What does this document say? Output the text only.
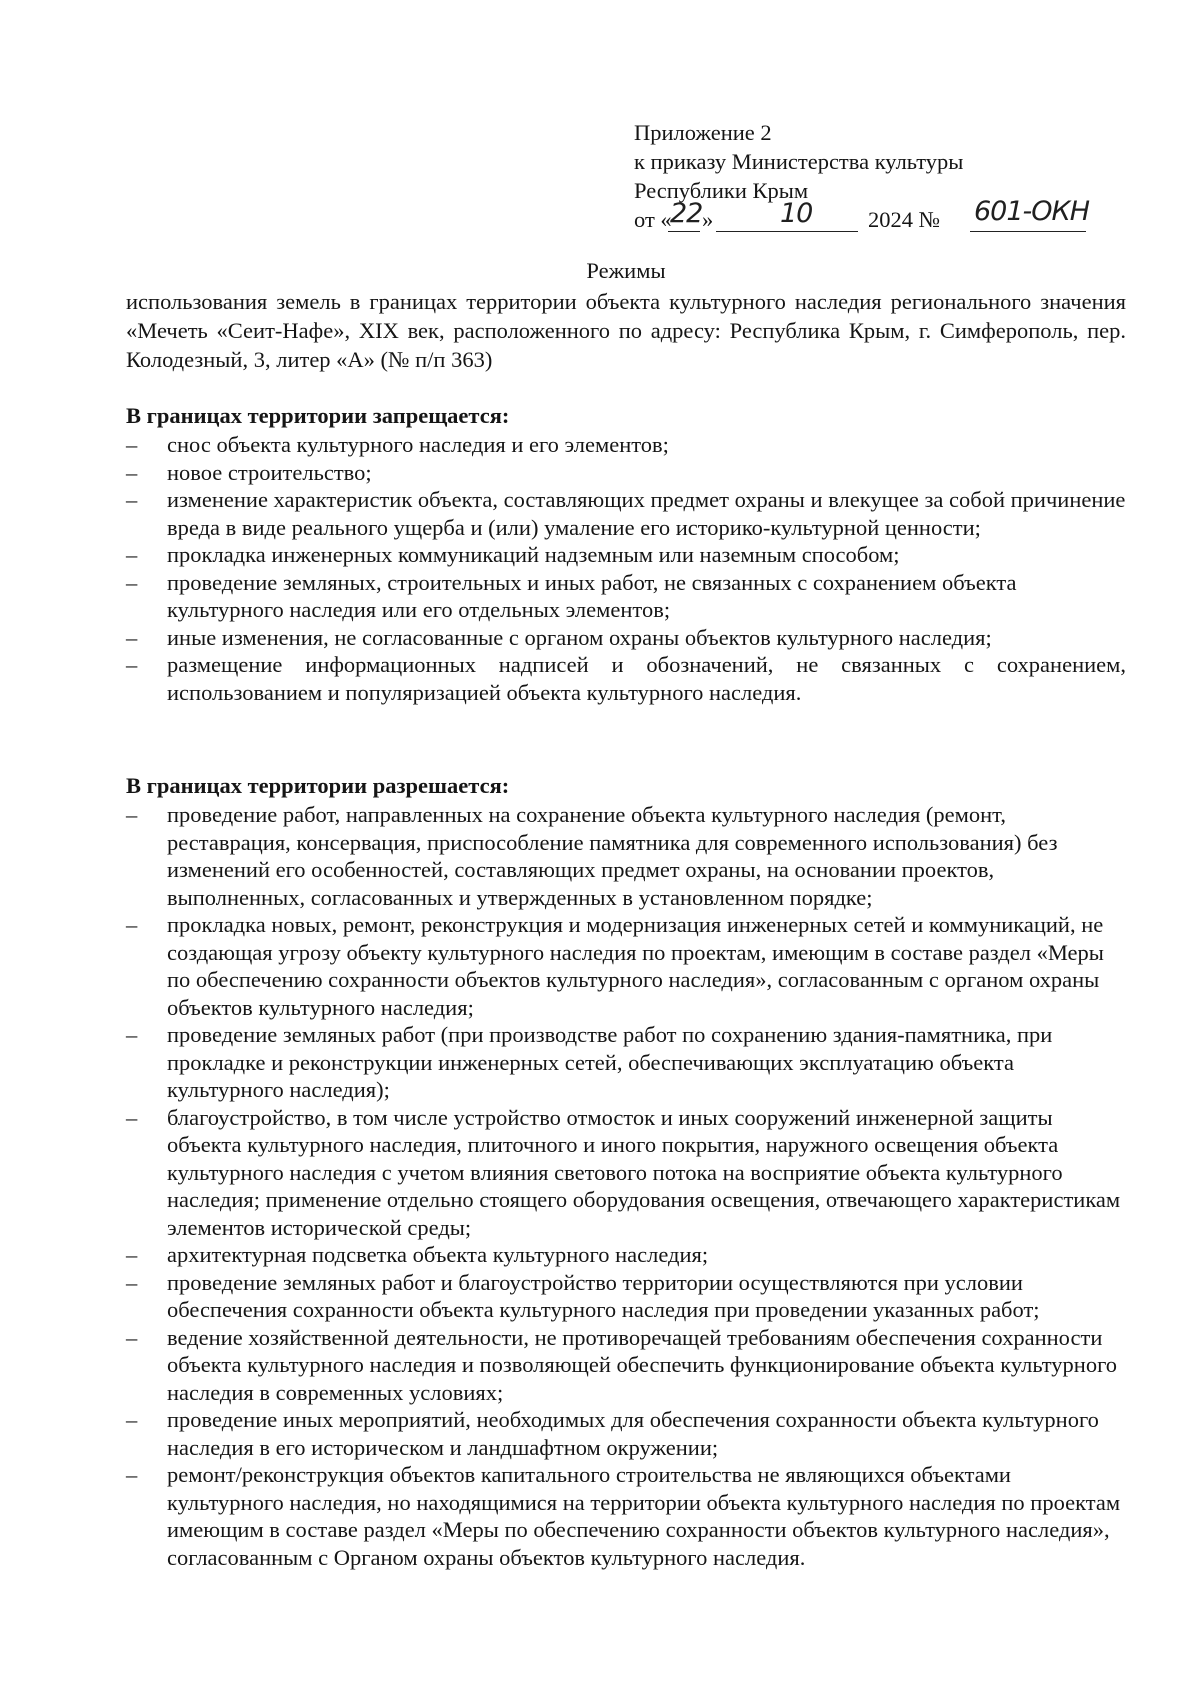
Приложение 2
к приказу Министерства культуры
Республики Крым
от «
22 » 10 2024 № 601-ОКН
Режимы
использования земель в границах территории объекта культурного наследия регионального значения «Мечеть «Сеит-Нафе», XIX век, расположенного по адресу: Республика Крым, г. Симферополь, пер. Колодезный, 3, литер «А» (№ п/п 363)
В границах территории запрещается:
– снос объекта культурного наследия и его элементов;
– новое строительство;
– изменение характеристик объекта, составляющих предмет охраны и влекущее за собой причинение вреда в виде реального ущерба и (или) умаление его историко-культурной ценности;
– прокладка инженерных коммуникаций надземным или наземным способом;
– проведение земляных, строительных и иных работ, не связанных с сохранением объекта культурного наследия или его отдельных элементов;
– иные изменения, не согласованные с органом охраны объектов культурного наследия;
– размещение информационных надписей и обозначений, не связанных с сохранением, использованием и популяризацией объекта культурного наследия.
В границах территории разрешается:
– проведение работ, направленных на сохранение объекта культурного наследия (ремонт, реставрация, консервация, приспособление памятника для современного использования) без изменений его особенностей, составляющих предмет охраны, на основании проектов, выполненных, согласованных и утвержденных в установленном порядке;
– прокладка новых, ремонт, реконструкция и модернизация инженерных сетей и коммуникаций, не создающая угрозу объекту культурного наследия по проектам, имеющим в составе раздел «Меры по обеспечению сохранности объектов культурного наследия», согласованным с органом охраны объектов культурного наследия;
– проведение земляных работ (при производстве работ по сохранению здания-памятника, при прокладке и реконструкции инженерных сетей, обеспечивающих эксплуатацию объекта культурного наследия);
– благоустройство, в том числе устройство отмосток и иных сооружений инженерной защиты объекта культурного наследия, плиточного и иного покрытия, наружного освещения объекта культурного наследия с учетом влияния светового потока на восприятие объекта культурного наследия; применение отдельно стоящего оборудования освещения, отвечающего характеристикам элементов исторической среды;
– архитектурная подсветка объекта культурного наследия;
– проведение земляных работ и благоустройство территории осуществляются при условии обеспечения сохранности объекта культурного наследия при проведении указанных работ;
– ведение хозяйственной деятельности, не противоречащей требованиям обеспечения сохранности объекта культурного наследия и позволяющей обеспечить функционирование объекта культурного наследия в современных условиях;
– проведение иных мероприятий, необходимых для обеспечения сохранности объекта культурного наследия в его историческом и ландшафтном окружении;
– ремонт/реконструкция объектов капитального строительства не являющихся объектами культурного наследия, но находящимися на территории объекта культурного наследия по проектам имеющим в составе раздел «Меры по обеспечению сохранности объектов культурного наследия», согласованным с Органом охраны объектов культурного наследия.
